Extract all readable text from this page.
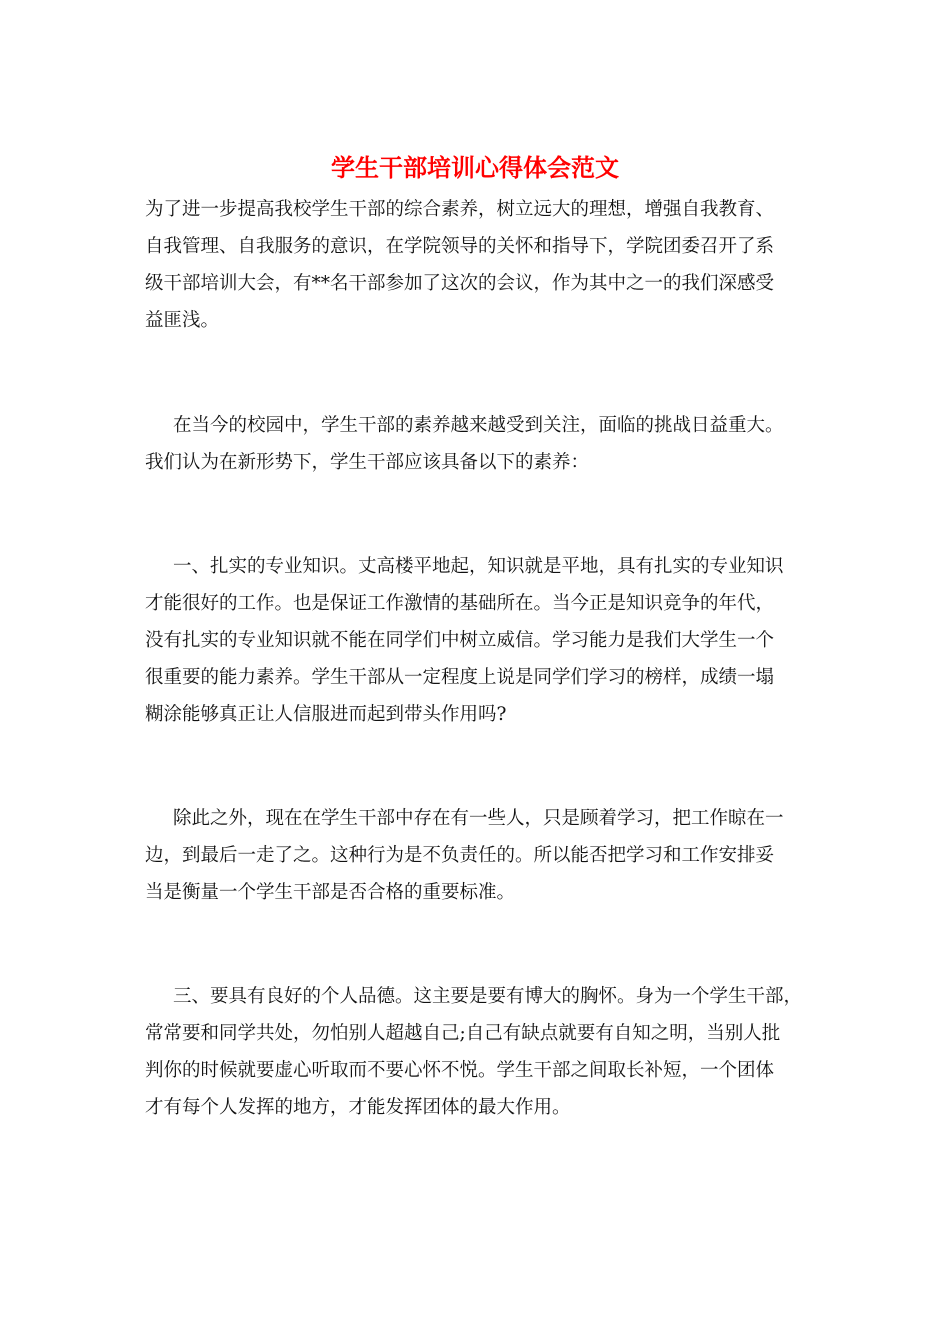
学生干部培训心得体会范文
为了进一步提高我校学生干部的综合素养，树立远大的理想，增强自我教育、
自我管理、自我服务的意识，在学院领导的关怀和指导下，学院团委召开了系
级干部培训大会，有**名干部参加了这次的会议，作为其中之一的我们深感受
益匪浅。
在当今的校园中，学生干部的素养越来越受到关注，面临的挑战日益重大。
我们认为在新形势下，学生干部应该具备以下的素养：
一、扎实的专业知识。丈高楼平地起，知识就是平地，具有扎实的专业知识
才能很好的工作。也是保证工作激情的基础所在。当今正是知识竞争的年代，
没有扎实的专业知识就不能在同学们中树立威信。学习能力是我们大学生一个
很重要的能力素养。学生干部从一定程度上说是同学们学习的榜样，成绩一塌
糊涂能够真正让人信服进而起到带头作用吗?
除此之外，现在在学生干部中存在有一些人，只是顾着学习，把工作晾在一
边，到最后一走了之。这种行为是不负责任的。所以能否把学习和工作安排妥
当是衡量一个学生干部是否合格的重要标准。
三、要具有良好的个人品德。这主要是要有博大的胸怀。身为一个学生干部，
常常要和同学共处，勿怕别人超越自己;自己有缺点就要有自知之明，当别人批
判你的时候就要虚心听取而不要心怀不悦。学生干部之间取长补短，一个团体
才有每个人发挥的地方，才能发挥团体的最大作用。
